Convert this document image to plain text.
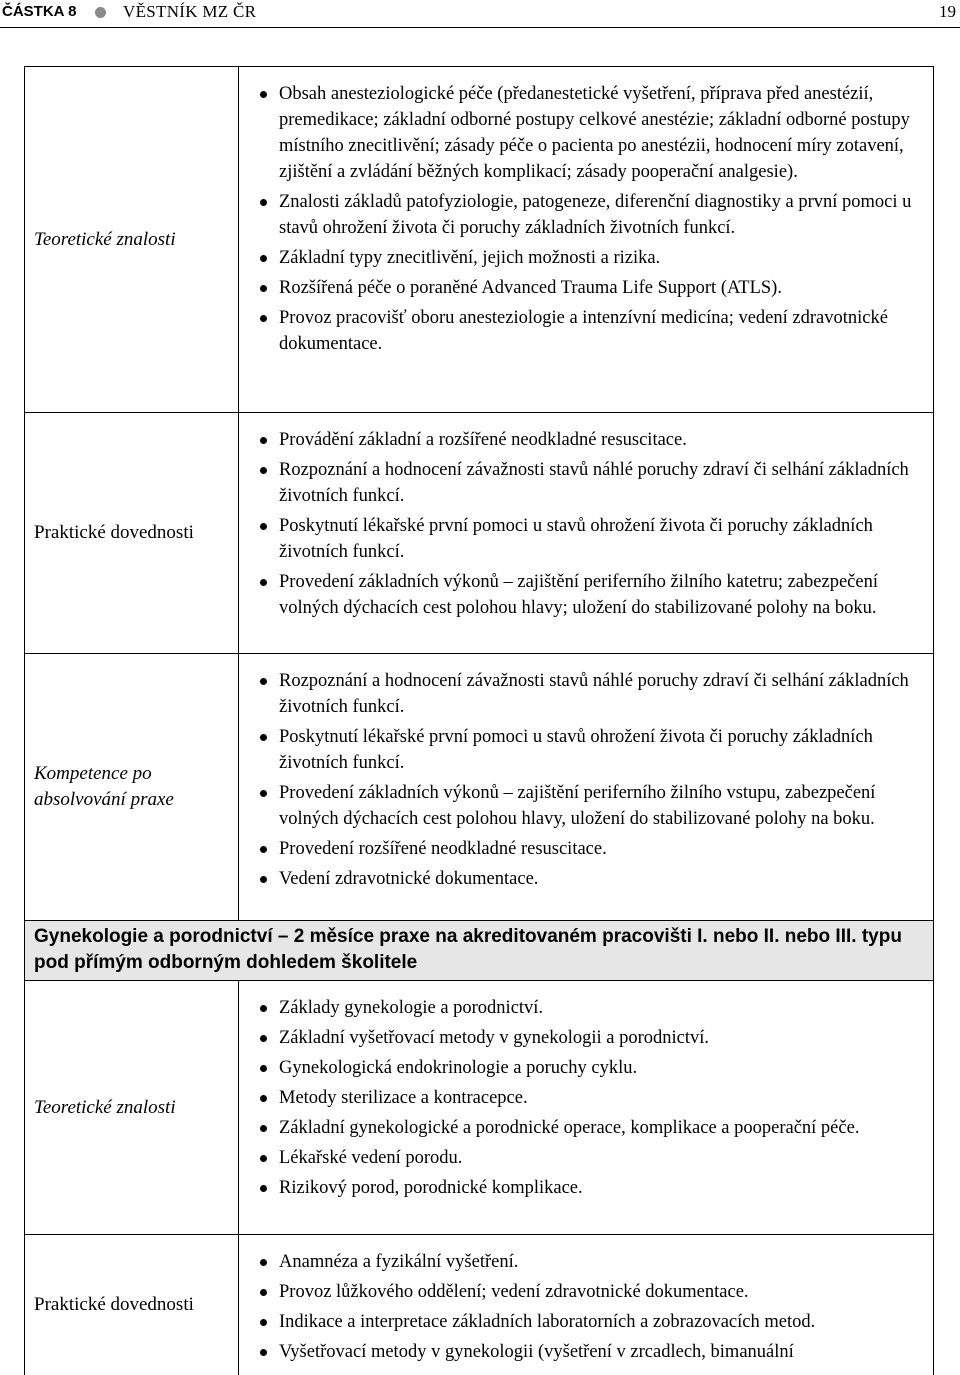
ČÁSTKA 8	VĚSTNÍK MZ ČR	19
Teoretické znalosti
Obsah anesteziologické péče (předanestetické vyšetření, příprava před anestézií, premedikace; základní odborné postupy celkové anestézie; základní odborné postupy místního znecitlivění; zásady péče o pacienta po anestézii, hodnocení míry zotavení, zjištění a zvládání běžných komplikací; zásady pooperační analgesie).
Znalosti základů patofyziologie, patogeneze, diferenční diagnostiky a první pomoci u stavů ohrožení života či poruchy základních životních funkcí.
Základní typy znecitlivění, jejich možnosti a rizika.
Rozšířená péče o poraněné Advanced Trauma Life Support (ATLS).
Provoz pracovišť oboru anesteziologie a intenzívní medicína; vedení zdravotnické dokumentace.
Praktické dovednosti
Provádění základní a rozšířené neodkladné resuscitace.
Rozpoznání a hodnocení závažnosti stavů náhlé poruchy zdraví či selhání základních životních funkcí.
Poskytnutí lékařské první pomoci u stavů ohrožení života či poruchy základních životních funkcí.
Provedení základních výkonů – zajištění periferního žilního katetru; zabezpečení volných dýchacích cest polohou hlavy; uložení do stabilizované polohy na boku.
Kompetence po absolvování praxe
Rozpoznání a hodnocení závažnosti stavů náhlé poruchy zdraví či selhání základních životních funkcí.
Poskytnutí lékařské první pomoci u stavů ohrožení života či poruchy základních životních funkcí.
Provedení základních výkonů – zajištění periferního žilního vstupu, zabezpečení volných dýchacích cest polohou hlavy, uložení do stabilizované polohy na boku.
Provedení rozšířené neodkladné resuscitace.
Vedení zdravotnické dokumentace.
Gynekologie a porodnictví – 2 měsíce praxe na akreditovaném pracovišti I. nebo II. nebo III. typu pod přímým odborným dohledem školitele
Teoretické znalosti
Základy gynekologie a porodnictví.
Základní vyšetřovací metody v gynekologii a porodnictví.
Gynekologická endokrinologie a poruchy cyklu.
Metody sterilizace a kontracepce.
Základní gynekologické a porodnické operace, komplikace a pooperační péče.
Lékařské vedení porodu.
Rizikový porod, porodnické komplikace.
Praktické dovednosti
Anamnéza a fyzikální vyšetření.
Provoz lůžkového oddělení; vedení zdravotnické dokumentace.
Indikace a interpretace základních laboratorních a zobrazovacích metod.
Vyšetřovací metody v gynekologii (vyšetření v zrcadlech, bimanuální
